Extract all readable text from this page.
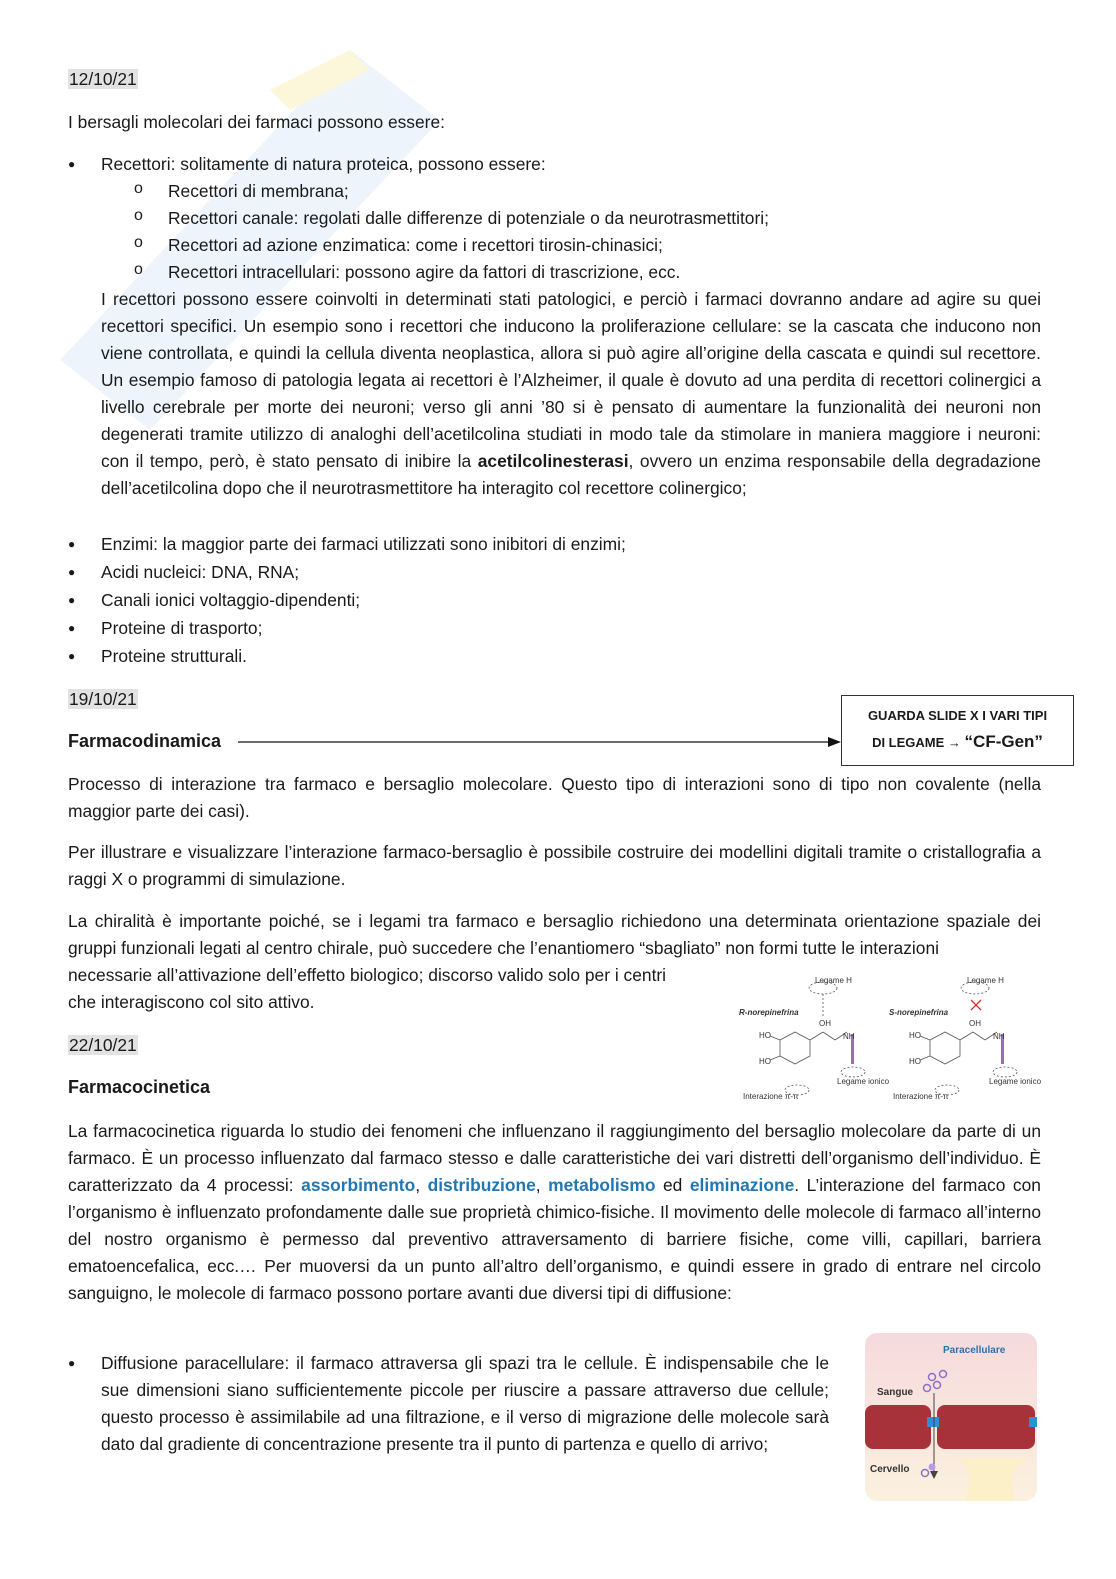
12/10/21
I bersagli molecolari dei farmaci possono essere:
● Recettori: solitamente di natura proteica, possono essere:
o Recettori di membrana;
o Recettori canale: regolati dalle differenze di potenziale o da neurotrasmettitori;
o Recettori ad azione enzimatica: come i recettori tirosin-chinasici;
o Recettori intracellulari: possono agire da fattori di trascrizione, ecc.
I recettori possono essere coinvolti in determinati stati patologici, e perciò i farmaci dovranno andare ad agire su quei recettori specifici. Un esempio sono i recettori che inducono la proliferazione cellulare: se la cascata che inducono non viene controllata, e quindi la cellula diventa neoplastica, allora si può agire all’origine della cascata e quindi sul recettore. Un esempio famoso di patologia legata ai recettori è l’Alzheimer, il quale è dovuto ad una perdita di recettori colinergici a livello cerebrale per morte dei neuroni; verso gli anni ’80 si è pensato di aumentare la funzionalità dei neuroni non degenerati tramite utilizzo di analoghi dell’acetilcolina studiati in modo tale da stimolare in maniera maggiore i neuroni: con il tempo, però, è stato pensato di inibire la acetilcolinesterasi, ovvero un enzima responsabile della degradazione dell’acetilcolina dopo che il neurotrasmettitore ha interagito col recettore colinergico;
● Enzimi: la maggior parte dei farmaci utilizzati sono inibitori di enzimi;
● Acidi nucleici: DNA, RNA;
● Canali ionici voltaggio-dipendenti;
● Proteine di trasporto;
● Proteine strutturali.
19/10/21
Farmacodinamica
GUARDA SLIDE X I VARI TIPI
DI LEGAME → “CF-Gen”
Processo di interazione tra farmaco e bersaglio molecolare. Questo tipo di interazioni sono di tipo non covalente (nella maggior parte dei casi).
Per illustrare e visualizzare l’interazione farmaco-bersaglio è possibile costruire dei modellini digitali tramite o cristallografia a raggi X o programmi di simulazione.
La chiralità è importante poiché, se i legami tra farmaco e bersaglio richiedono una determinata orientazione spaziale dei gruppi funzionali legati al centro chirale, può succedere che l’enantiomero “sbagliato” non formi tutte le interazioni
necessarie all’attivazione dell’effetto biologico; discorso valido solo per i centri
che interagiscono col sito attivo.
Legame H	Legame H
R-norepinefrina	S-norepinefrina
OH	OH
HO
HO
HO
HO
NH	NH
Legame ionico	Legame ionico
Interazione π-π	Interazione π-π
22/10/21
Farmacocinetica
La farmacocinetica riguarda lo studio dei fenomeni che influenzano il raggiungimento del bersaglio molecolare da parte di un farmaco. È un processo influenzato dal farmaco stesso e dalle caratteristiche dei vari distretti dell’organismo dell’individuo. È caratterizzato da 4 processi: assorbimento, distribuzione, metabolismo ed eliminazione. L’interazione del farmaco con l’organismo è influenzato profondamente dalle sue proprietà chimico-fisiche. Il movimento delle molecole di farmaco all’interno del nostro organismo è permesso dal preventivo attraversamento di barriere fisiche, come villi, capillari, barriera ematoencefalica, ecc.… Per muoversi da un punto all’altro dell’organismo, e quindi essere in grado di entrare nel circolo sanguigno, le molecole di farmaco possono portare avanti due diversi tipi di diffusione:
● Diffusione paracellulare: il farmaco attraversa gli spazi tra le cellule. È indispensabile che le sue dimensioni siano sufficientemente piccole per riuscire a passare attraverso due cellule; questo processo è assimilabile ad una filtrazione, e il verso di migrazione delle molecole sarà dato dal gradiente di concentrazione presente tra il punto di partenza e quello di arrivo;
Paracellulare
Sangue
Cervello
